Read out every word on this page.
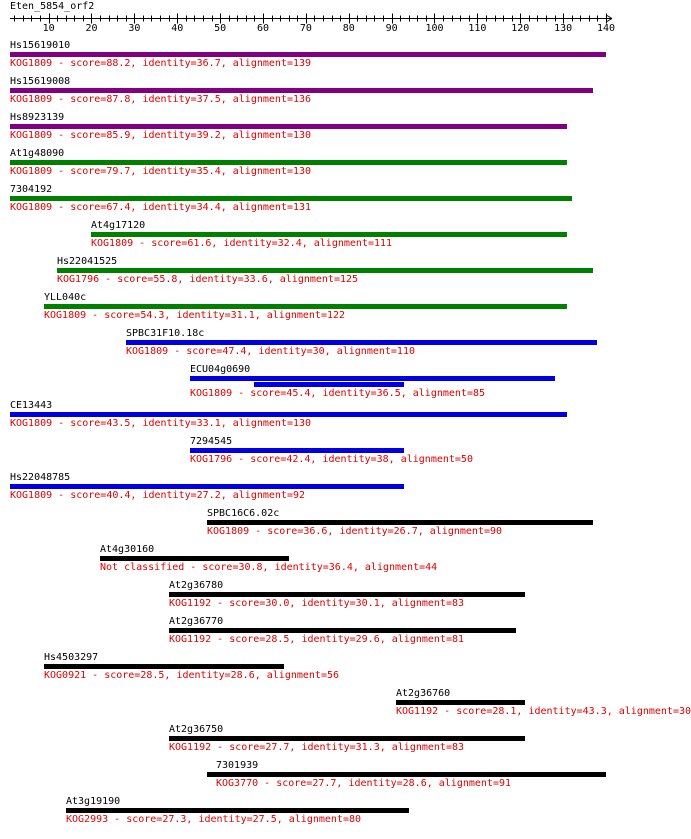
Eten_5854_orf2
10	20	30	40	50	60	70	80	90	100 110 120 130 140
Hs15619010
KOG1809 - score=88.2, identity=36.7, alignment=139
Hs15619008
KOG1809 - score=87.8, identity=37.5, alignment=136
Hs8923139
KOG1809 - score=85.9, identity=39.2, alignment=130
At1g48090
KOG1809 - score=79.7, identity=35.4, alignment=130
7304192
KOG1809 - score=67.4, identity=34.4, alignment=131
At4g17120
KOG1809 - score=61.6, identity=32.4, alignment=111
Hs22041525
KOG1796 - score=55.8, identity=33.6, alignment=125
YLL040c
KOG1809 - score=54.3, identity=31.1, alignment=122
SPBC31F10.18c
KOG1809 - score=47.4, identity=30, alignment=110
ECU04g0690
KOG1809 - score=45.4, identity=36.5, alignment=85
CE13443
KOG1809 - score=43.5, identity=33.1, alignment=130
7294545
KOG1796 - score=42.4, identity=38, alignment=50
Hs22048785
KOG1809 - score=40.4, identity=27.2, alignment=92
SPBC16C6.02c
KOG1809 - score=36.6, identity=26.7, alignment=90
At4g30160
Not classified - score=30.8, identity=36.4, alignment=44
At2g36780
KOG1192 - score=30.0, identity=30.1, alignment=83
At2g36770
KOG1192 - score=28.5, identity=29.6, alignment=81
Hs4503297
KOG0921 - score=28.5, identity=28.6, alignment=56
At2g36760
KOG1192 - score=28.1, identity=43.3, alignment=30
At2g36750
KOG1192 - score=27.7, identity=31.3, alignment=83
7301939
KOG3770 - score=27.7, identity=28.6, alignment=91
At3g19190
KOG2993 - score=27.3, identity=27.5, alignment=80
